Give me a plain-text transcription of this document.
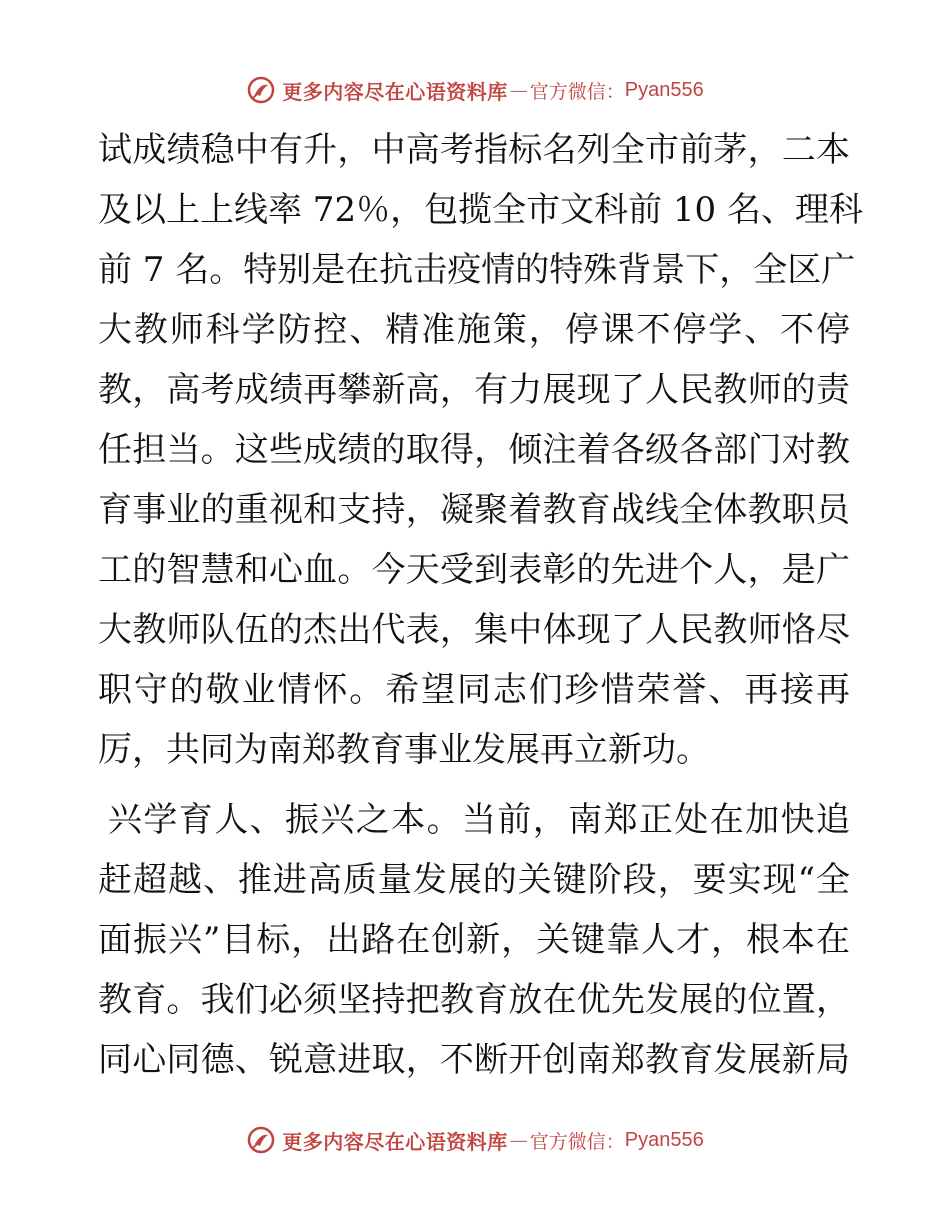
更多内容尽在心语资料库 — 官方微信： Pyan556
试成绩稳中有升，中高考指标名列全市前茅，二本
及以上上线率 72％，包揽全市文科前 10 名、理科
前 7 名。特别是在抗击疫情的特殊背景下，全区广
大教师科学防控、精准施策，停课不停学、不停
教，高考成绩再攀新高，有力展现了人民教师的责
任担当。这些成绩的取得，倾注着各级各部门对教
育事业的重视和支持，凝聚着教育战线全体教职员
工的智慧和心血。今天受到表彰的先进个人，是广
大教师队伍的杰出代表，集中体现了人民教师恪尽
职守的敬业情怀。希望同志们珍惜荣誉、再接再
厉，共同为南郑教育事业发展再立新功。
兴学育人、振兴之本。当前，南郑正处在加快追
赶超越、推进高质量发展的关键阶段，要实现“全
面振兴”目标，出路在创新，关键靠人才，根本在
教育。我们必须坚持把教育放在优先发展的位置，
同心同德、锐意进取，不断开创南郑教育发展新局
更多内容尽在心语资料库 — 官方微信： Pyan556
